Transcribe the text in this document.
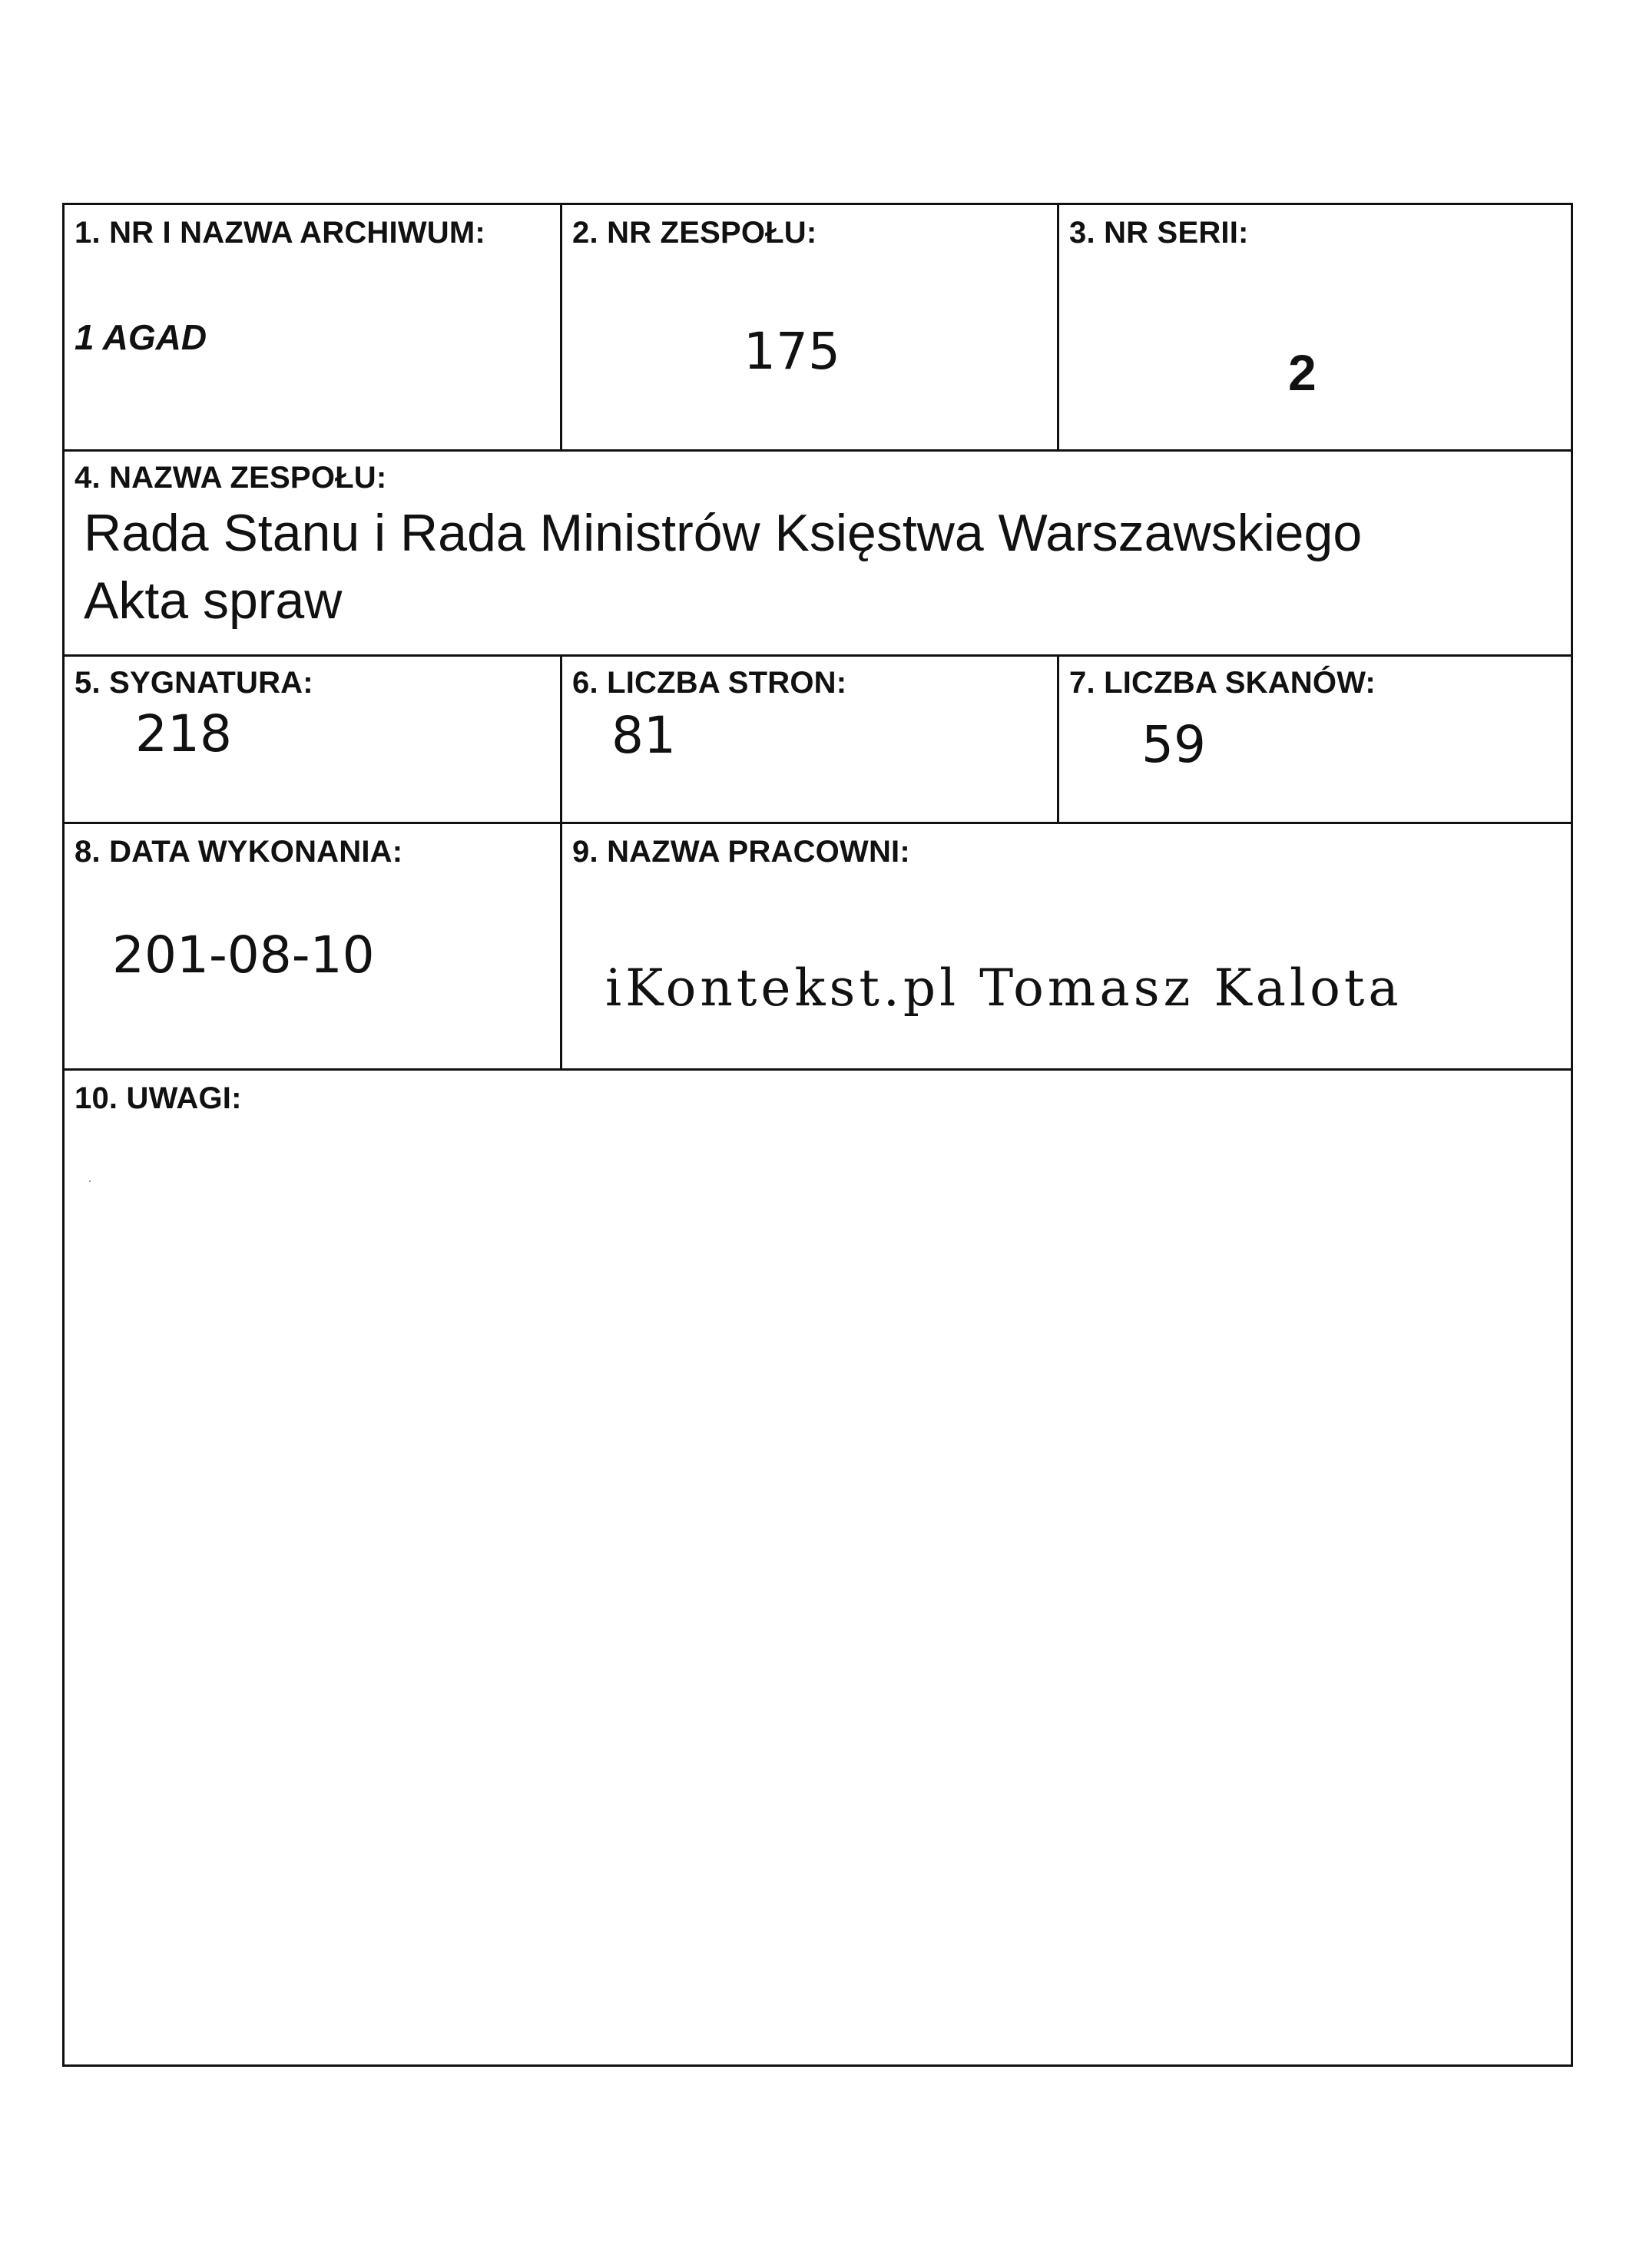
1. NR I NAZWA ARCHIWUM:
1 AGAD
2. NR ZESPOŁU:
175
3. NR SERII:
2
4. NAZWA ZESPOŁU:
Rada Stanu i Rada Ministrów Księstwa Warszawskiego
Akta spraw
5. SYGNATURA:
218
6. LICZBA STRON:
81
7. LICZBA SKANÓW:
59
8. DATA WYKONANIA:
201-08-10
9. NAZWA PRACOWNI:
iKontekst.pl Tomasz Kalota
10. UWAGI:
